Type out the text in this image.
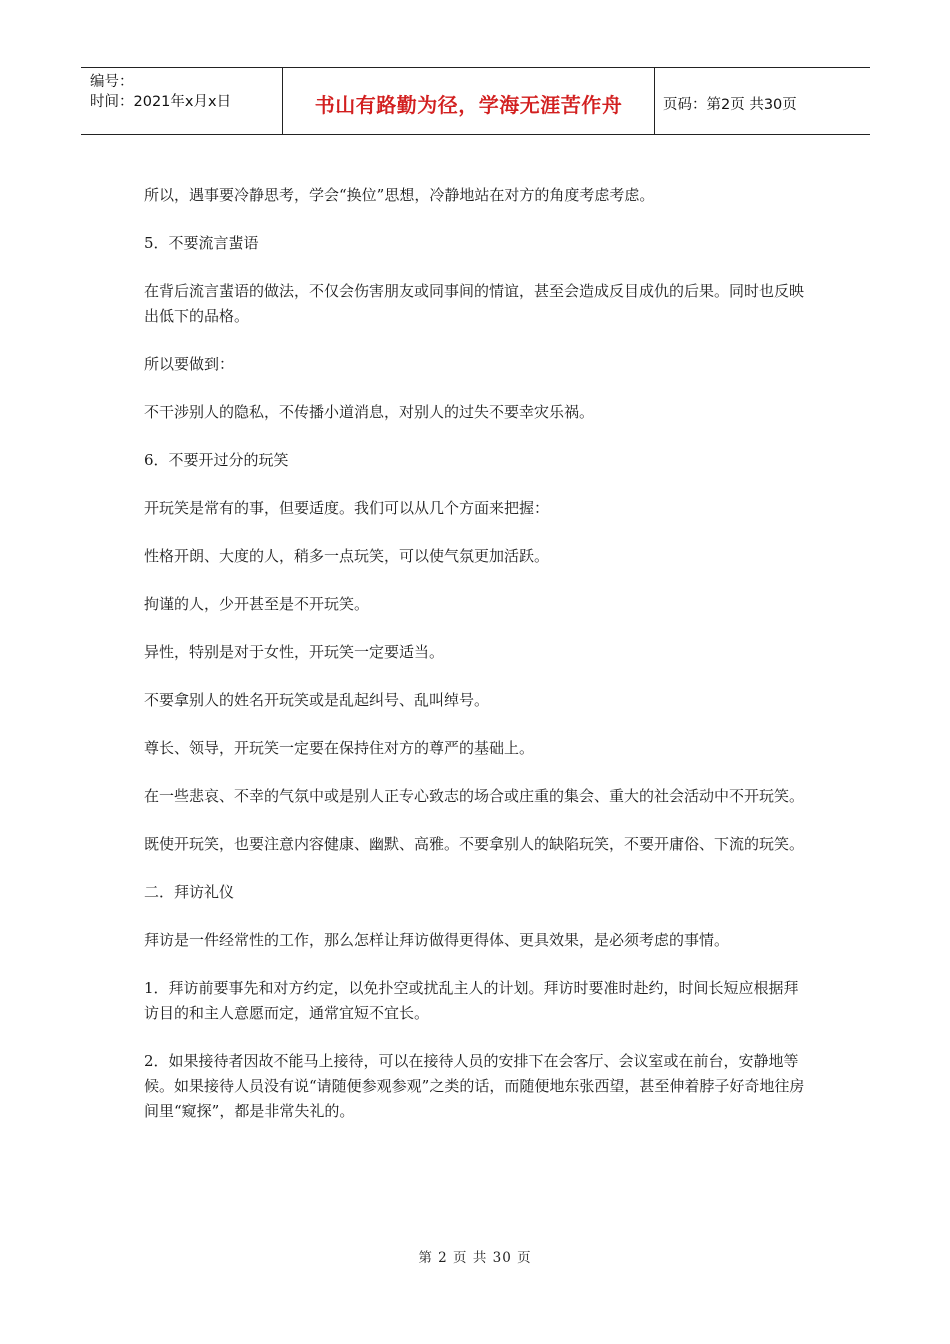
编号：
时间：2021年x月x日	书山有路勤为径，学海无涯苦作舟	页码：第2页 共30页

所以，遇事要冷静思考，学会“换位”思想，冷静地站在对方的角度考虑考虑。

5．不要流言蜚语

在背后流言蜚语的做法，不仅会伤害朋友或同事间的情谊，甚至会造成反目成仇的后果。同时也反映出低下的品格。

所以要做到：

不干涉别人的隐私，不传播小道消息，对别人的过失不要幸灾乐祸。

6．不要开过分的玩笑

开玩笑是常有的事，但要适度。我们可以从几个方面来把握：

性格开朗、大度的人，稍多一点玩笑，可以使气氛更加活跃。

拘谨的人，少开甚至是不开玩笑。

异性，特别是对于女性，开玩笑一定要适当。

不要拿别人的姓名开玩笑或是乱起纠号、乱叫绰号。

尊长、领导，开玩笑一定要在保持住对方的尊严的基础上。

在一些悲哀、不幸的气氛中或是别人正专心致志的场合或庄重的集会、重大的社会活动中不开玩笑。

既使开玩笑，也要注意内容健康、幽默、高雅。不要拿别人的缺陷玩笑，不要开庸俗、下流的玩笑。

二．拜访礼仪

拜访是一件经常性的工作，那么怎样让拜访做得更得体、更具效果，是必须考虑的事情。

1．拜访前要事先和对方约定，以免扑空或扰乱主人的计划。拜访时要准时赴约，时间长短应根据拜访目的和主人意愿而定，通常宜短不宜长。

2．如果接待者因故不能马上接待，可以在接待人员的安排下在会客厅、会议室或在前台，安静地等候。如果接待人员没有说“请随便参观参观”之类的话，而随便地东张西望，甚至伸着脖子好奇地往房间里“窥探”，都是非常失礼的。

第 2 页 共 30 页
